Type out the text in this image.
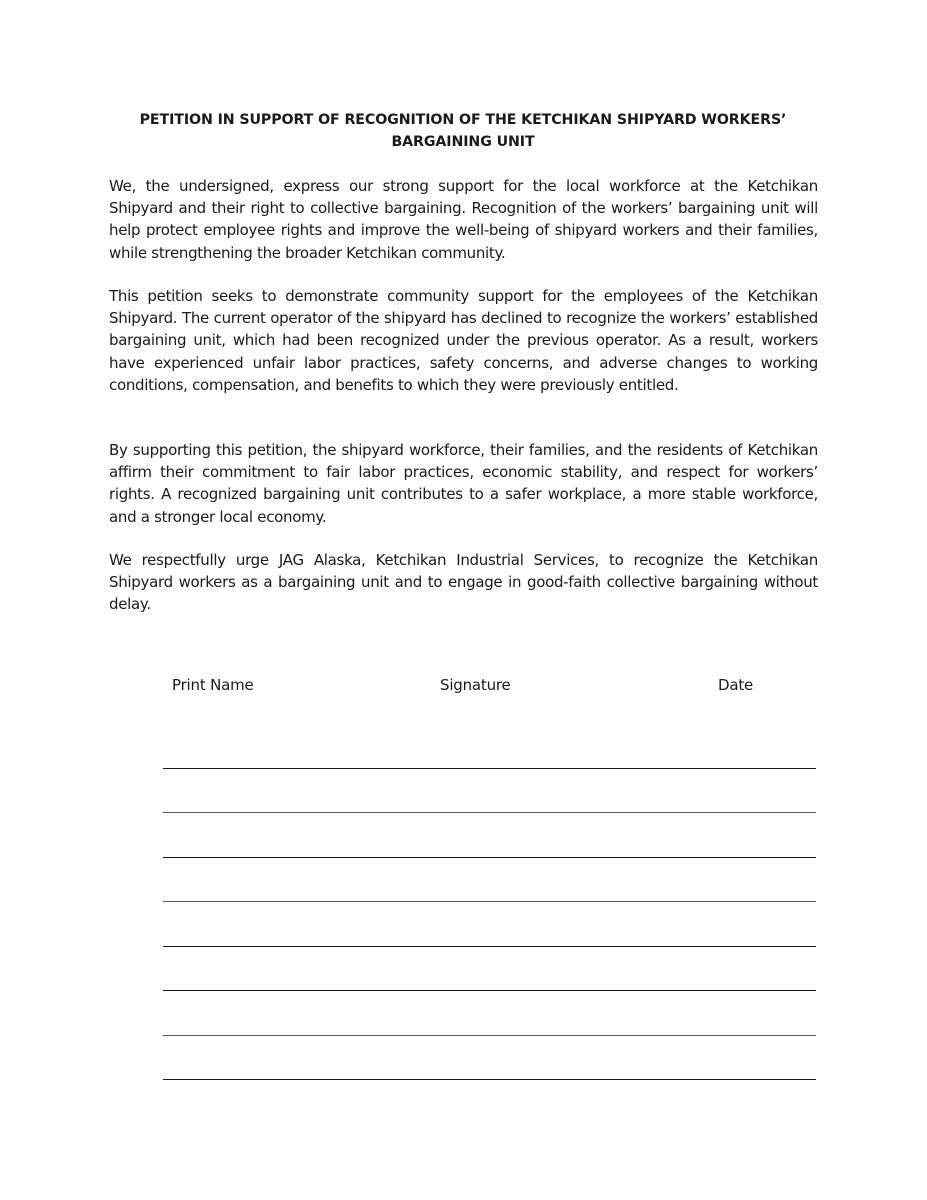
PETITION IN SUPPORT OF RECOGNITION OF THE KETCHIKAN SHIPYARD WORKERS’ BARGAINING UNIT

We, the undersigned, express our strong support for the local workforce at the Ketchikan Shipyard and their right to collective bargaining. Recognition of the workers’ bargaining unit will help protect employee rights and improve the well-being of shipyard workers and their families, while strengthening the broader Ketchikan community.

This petition seeks to demonstrate community support for the employees of the Ketchikan Shipyard. The current operator of the shipyard has declined to recognize the workers’ established bargaining unit, which had been recognized under the previous operator. As a result, workers have experienced unfair labor practices, safety concerns, and adverse changes to working conditions, compensation, and benefits to which they were previously entitled.

By supporting this petition, the shipyard workforce, their families, and the residents of Ketchikan affirm their commitment to fair labor practices, economic stability, and respect for workers’ rights. A recognized bargaining unit contributes to a safer workplace, a more stable workforce, and a stronger local economy.

We respectfully urge JAG Alaska, Ketchikan Industrial Services, to recognize the Ketchikan Shipyard workers as a bargaining unit and to engage in good-faith collective bargaining without delay.

Print Name	Signature	Date
